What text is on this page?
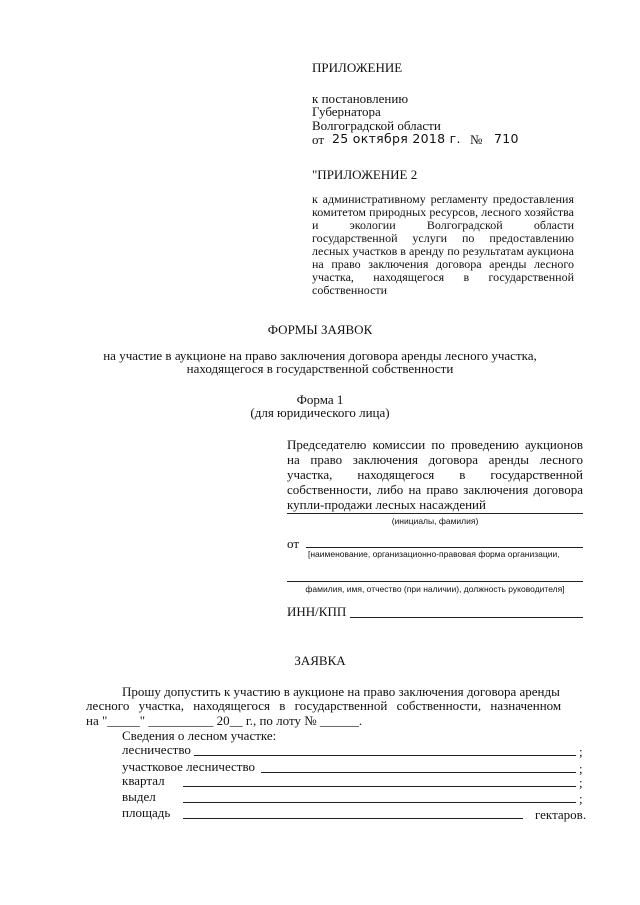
ПРИЛОЖЕНИЕ
к постановлению
Губернатора
Волгоградской области
от 25 октября 2018 г. № 710
"ПРИЛОЖЕНИЕ 2
к административному регламенту предоставления комитетом природных ресурсов, лесного хозяйства и экологии Волгоградской области государственной услуги по предоставлению лесных участков в аренду по результатам аукциона на право заключения договора аренды лесного участка, находящегося в государственной собственности
ФОРМЫ ЗАЯВОК
на участие в аукционе на право заключения договора аренды лесного участка,
находящегося в государственной собственности
Форма 1
(для юридического лица)
Председателю комиссии по проведению аукционов на право заключения договора аренды лесного участка, находящегося в государственной собственности, либо на право заключения договора купли-продажи лесных насаждений
(инициалы, фамилия)
от
[наименование, организационно-правовая форма организации,
фамилия, имя, отчество (при наличии), должность руководителя]
ИНН/КПП
ЗАЯВКА
Прошу допустить к участию в аукционе на право заключения договора аренды
лесного участка, находящегося в государственной собственности, назначенном
на "_____" __________ 20__ г., по лоту № ______.
Сведения о лесном участке:
лесничество	;
участковое лесничество	;
квартал	;
выдел	;
площадь	гектаров.
